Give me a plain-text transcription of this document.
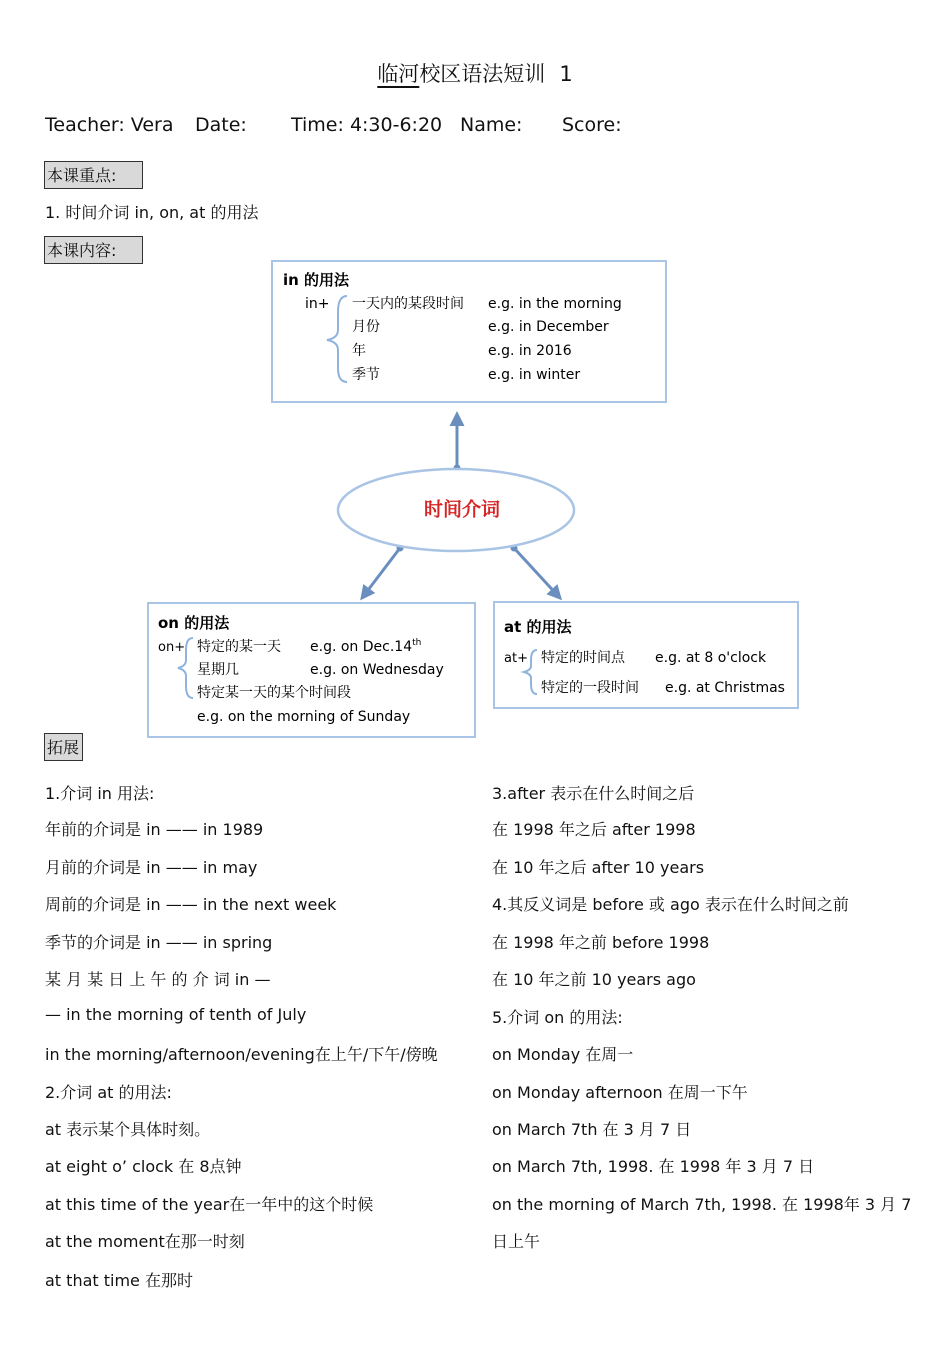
临河校区语法短训 1
Teacher: Vera Date: Time: 4:30-6:20 Name: Score:
本课重点:
1. 时间介词 in, on, at 的用法
本课内容:
in 的用法
in+ 一天内的某段时间 e.g. in the morning
月份	e.g. in December
年	e.g. in 2016
季节	e.g. in winter
时间介词
on 的用法
on+ 特定的某一天 e.g. on Dec.14th
星期几	e.g. on Wednesday
特定某一天的某个时间段
e.g. on the morning of Sunday
at 的用法
at+ 特定的时间点 e.g. at 8 o'clock
特定的一段时间 e.g. at Christmas
拓展
1.介词 in 用法:
年前的介词是 in —— in 1989
月前的介词是 in —— in may
周前的介词是 in —— in the next week
季节的介词是 in —— in spring
某 月 某 日 上 午 的 介 词 in —
— in the morning of tenth of July
in the morning/afternoon/evening在上午/下午/傍晚
2.介词 at 的用法:
at 表示某个具体时刻。
at eight o’ clock 在 8点钟
at this time of the year在一年中的这个时候
at the moment在那一时刻
at that time 在那时
3.after 表示在什么时间之后
在 1998 年之后 after 1998
在 10 年之后 after 10 years
4.其反义词是 before 或 ago 表示在什么时间之前
在 1998 年之前 before 1998
在 10 年之前 10 years ago
5.介词 on 的用法:
on Monday 在周一
on Monday afternoon 在周一下午
on March 7th 在 3 月 7 日
on March 7th, 1998. 在 1998 年 3 月 7 日
on the morning of March 7th, 1998. 在 1998年 3 月 7
日上午
